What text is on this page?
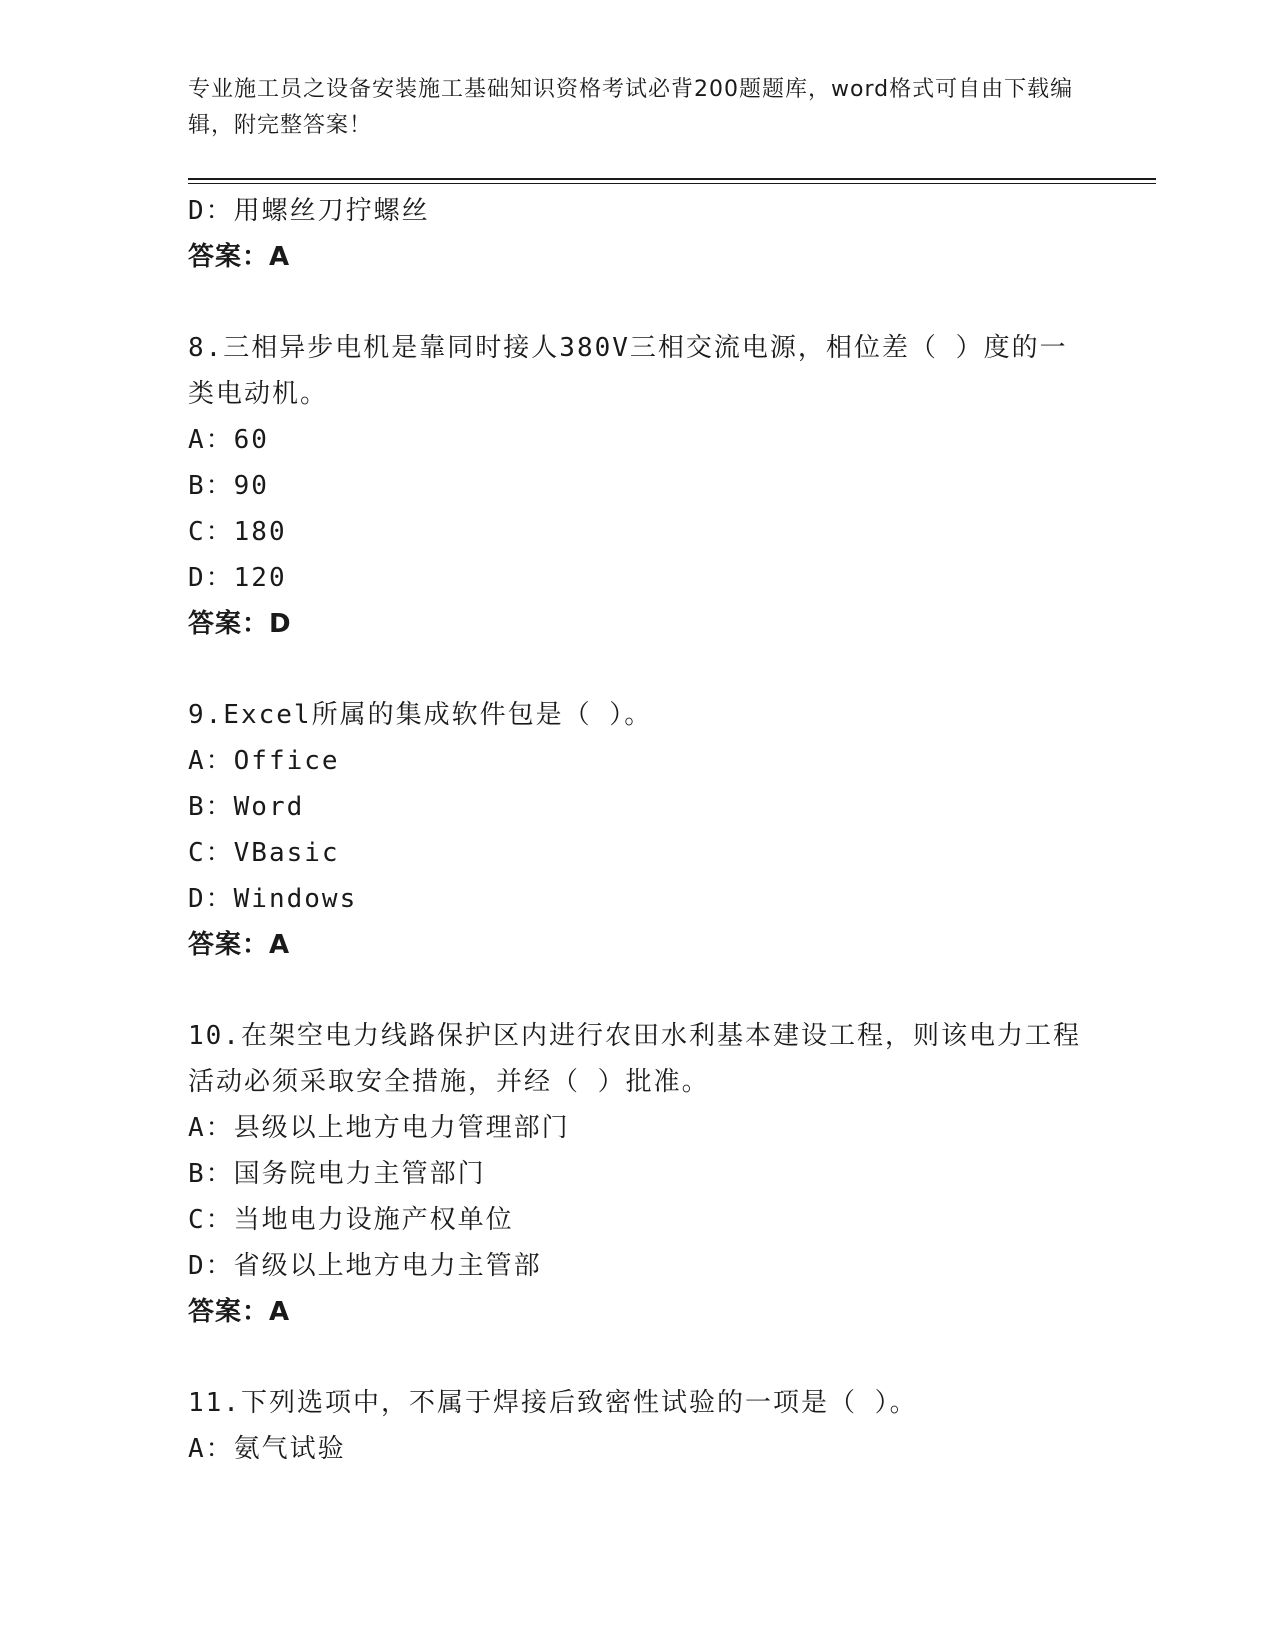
专业施工员之设备安装施工基础知识资格考试必背200题题库，word格式可自由下载编辑，附完整答案！

D：用螺丝刀拧螺丝

答案：A

8.三相异步电机是靠同时接人380V三相交流电源，相位差（ ）度的一类电动机。

A：60

B：90

C：180

D：120

答案：D

9.Excel所属的集成软件包是（ ）。

A：Office

B：Word

C：VBasic

D：Windows

答案：A

10.在架空电力线路保护区内进行农田水利基本建设工程，则该电力工程活动必须采取安全措施，并经（ ）批准。

A：县级以上地方电力管理部门

B：国务院电力主管部门

C：当地电力设施产权单位

D：省级以上地方电力主管部

答案：A

11.下列选项中，不属于焊接后致密性试验的一项是（ ）。

A：氨气试验
